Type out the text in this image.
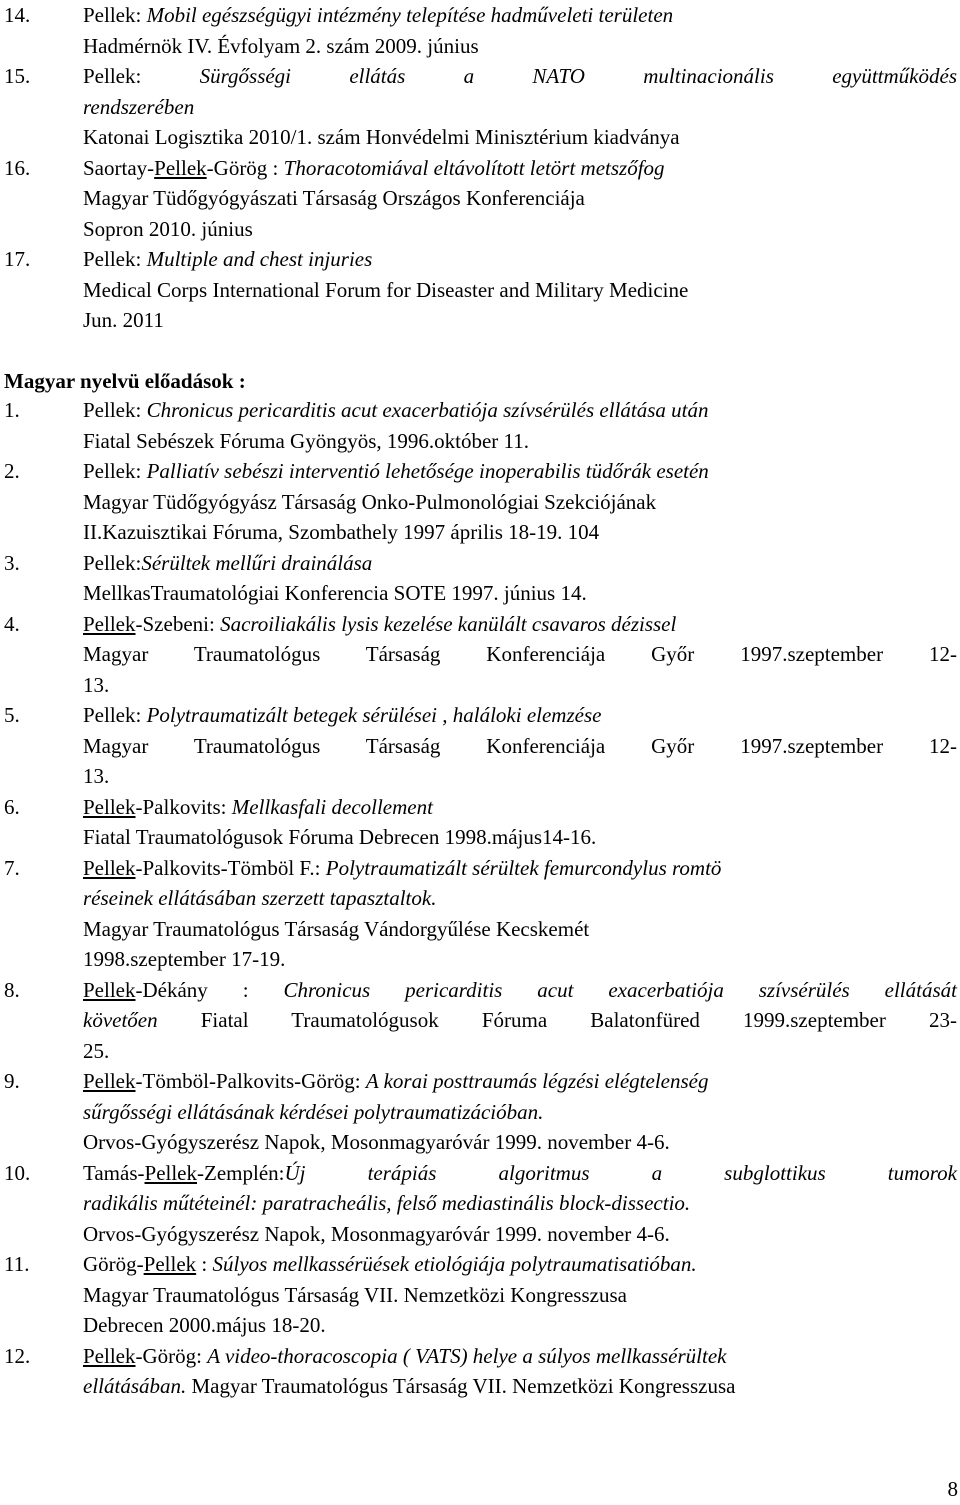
14.	Pellek: Mobil egészségügyi intézmény telepítése hadműveleti területen
Hadmérnök IV. Évfolyam 2. szám 2009. június
15.	Pellek: Sürgősségi ellátás a NATO multinacionális együttműködés
rendszerében
Katonai Logisztika 2010/1. szám Honvédelmi Minisztérium kiadványa
16.	Saortay-Pellek-Görög : Thoracotomiával eltávolított letört metszőfog
Magyar Tüdőgyógyászati Társaság Országos Konferenciája
Sopron 2010. június
17.	Pellek: Multiple and chest injuries
Medical Corps International Forum for Diseaster and Military Medicine
Jun. 2011
Magyar nyelvü előadások :
1.	Pellek: Chronicus pericarditis acut exacerbatiója szívsérülés ellátása után
Fiatal Sebészek Fóruma Gyöngyös, 1996.október 11.
2.	Pellek: Palliatív sebészi interventió lehetősége inoperabilis tüdőrák esetén
Magyar Tüdőgyógyász Társaság Onko-Pulmonológiai Szekciójának
II.Kazuisztikai Fóruma, Szombathely 1997 április 18-19. 104
3.	Pellek:Sérültek mellűri drainálása
MellkasTraumatológiai Konferencia SOTE 1997. június 14.
4.	Pellek-Szebeni: Sacroiliakális lysis kezelése kanülált csavaros dézissel
Magyar Traumatológus Társaság Konferenciája Győr 1997.szeptember 12-
13.
5.	Pellek: Polytraumatizált betegek sérülései , haláloki elemzése
Magyar Traumatológus Társaság Konferenciája Győr 1997.szeptember 12-
13.
6.	Pellek-Palkovits: Mellkasfali decollement
Fiatal Traumatológusok Fóruma Debrecen 1998.május14-16.
7.	Pellek-Palkovits-Tömböl F.: Polytraumatizált sérültek femurcondylus romtö
réseinek ellátásában szerzett tapasztaltok.
Magyar Traumatológus Társaság Vándorgyűlése Kecskemét
1998.szeptember 17-19.
8.	Pellek-Dékány : Chronicus pericarditis acut exacerbatiója szívsérülés ellátását
követően Fiatal Traumatológusok Fóruma Balatonfüred 1999.szeptember 23-
25.
9.	Pellek-Tömböl-Palkovits-Görög: A korai posttraumás légzési elégtelenség
sűrgősségi ellátásának kérdései polytraumatizációban.
Orvos-Gyógyszerész Napok, Mosonmagyaróvár 1999. november 4-6.
10.	Tamás-Pellek-Zemplén:Új terápiás algoritmus a subglottikus tumorok
radikális műtéteinél: paratracheális, felső mediastinális block-dissectio.
Orvos-Gyógyszerész Napok, Mosonmagyaróvár 1999. november 4-6.
11.	Görög-Pellek : Súlyos mellkassérüések etiológiája polytraumatisatióban.
Magyar Traumatológus Társaság VII. Nemzetközi Kongresszusa
Debrecen 2000.május 18-20.
12.	Pellek-Görög: A video-thoracoscopia ( VATS) helye a súlyos mellkassérültek
ellátásában. Magyar Traumatológus Társaság VII. Nemzetközi Kongresszusa
8
